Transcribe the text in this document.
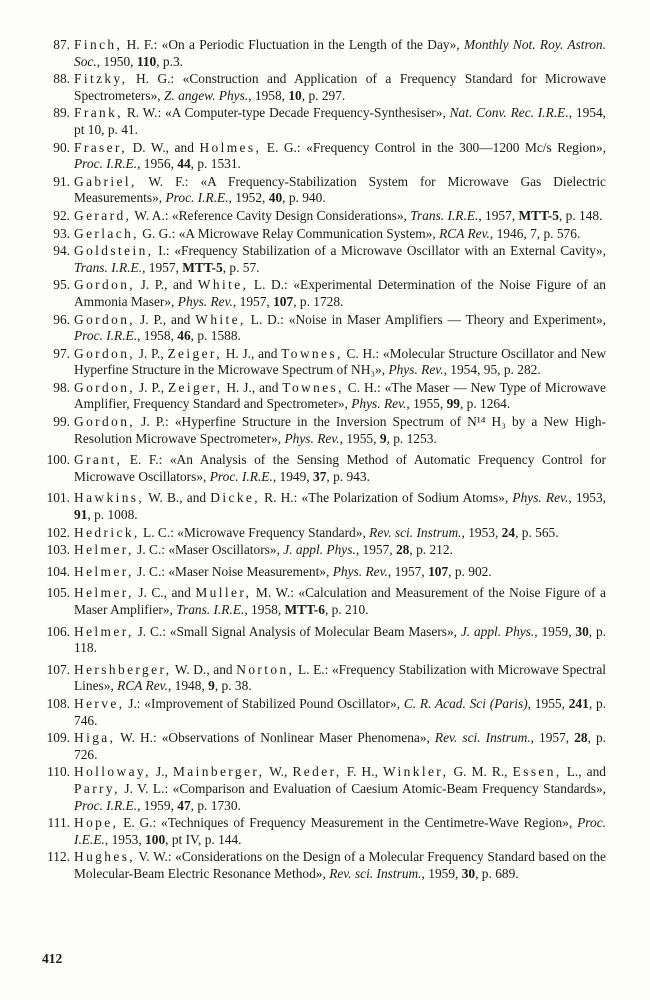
87. Finch, H. F.: «On a Periodic Fluctuation in the Length of the Day», Monthly Not. Roy. Astron. Soc., 1950, 110, p.3.
88. Fitzky, H. G.: «Construction and Application of a Frequency Standard for Microwave Spectrometers», Z. angew. Phys., 1958, 10, p. 297.
89. Frank, R. W.: «A Computer-type Decade Frequency-Synthesiser», Nat. Conv. Rec. I.R.E., 1954, pt 10, p. 41.
90. Fraser, D. W., and Holmes, E. G.: «Frequency Control in the 300—1200 Mc/s Region», Proc. I.R.E., 1956, 44, p. 1531.
91. Gabriel, W. F.: «A Frequency-Stabilization System for Microwave Gas Dielectric Measurements», Proc. I.R.E., 1952, 40, p. 940.
92. Gerard, W. A.: «Reference Cavity Design Considerations», Trans. I.R.E., 1957, MTT-5, p. 148.
93. Gerlach, G. G.: «A Microwave Relay Communication System», RCA Rev., 1946, 7, p. 576.
94. Goldstein, I.: «Frequency Stabilization of a Microwave Oscillator with an External Cavity», Trans. I.R.E., 1957, MTT-5, p. 57.
95. Gordon, J. P., and White, L. D.: «Experimental Determination of the Noise Figure of an Ammonia Maser», Phys. Rev., 1957, 107, p. 1728.
96. Gordon, J. P., and White, L. D.: «Noise in Maser Amplifiers — Theory and Experiment», Proc. I.R.E., 1958, 46, p. 1588.
97. Gordon, J. P., Zeiger, H. J., and Townes, C. H.: «Molecular Structure Oscillator and New Hyperfine Structure in the Microwave Spectrum of NH₃», Phys. Rev., 1954, 95, p. 282.
98. Gordon, J. P., Zeiger, H. J., and Townes, C. H.: «The Maser — New Type of Microwave Amplifier, Frequency Standard and Spectrometer», Phys. Rev., 1955, 99, p. 1264.
99. Gordon, J. P.: «Hyperfine Structure in the Inversion Spectrum of N¹⁴ H₃ by a New High-Resolution Microwave Spectrometer», Phys. Rev., 1955, 9, p. 1253.
100. Grant, E. F.: «An Analysis of the Sensing Method of Automatic Frequency Control for Microwave Oscillators», Proc. I.R.E., 1949, 37, p. 943.
101. Hawkins, W. B., and Dicke, R. H.: «The Polarization of Sodium Atoms», Phys. Rev., 1953, 91, p. 1008.
102. Hedrick, L. C.: «Microwave Frequency Standard», Rev. sci. Instrum., 1953, 24, p. 565.
103. Helmer, J. C.: «Maser Oscillators», J. appl. Phys., 1957, 28, p. 212.
104. Helmer, J. C.: «Maser Noise Measurement», Phys. Rev., 1957, 107, p. 902.
105. Helmer, J. C., and Muller, M. W.: «Calculation and Measurement of the Noise Figure of a Maser Amplifier», Trans. I.R.E., 1958, MTT-6, p. 210.
106. Helmer, J. C.: «Small Signal Analysis of Molecular Beam Masers», J. appl. Phys., 1959, 30, p. 118.
107. Hershberger, W. D., and Norton, L. E.: «Frequency Stabilization with Microwave Spectral Lines», RCA Rev., 1948, 9, p. 38.
108. Herve, J.: «Improvement of Stabilized Pound Oscillator», C. R. Acad. Sci (Paris), 1955, 241, p. 746.
109. Higa, W. H.: «Observations of Nonlinear Maser Phenomena», Rev. sci. Instrum., 1957, 28, p. 726.
110. Holloway, J., Mainberger, W., Reder, F. H., Winkler, G. M. R., Essen, L., and Parry, J. V. L.: «Comparison and Evaluation of Caesium Atomic-Beam Frequency Standards», Proc. I.R.E., 1959, 47, p. 1730.
111. Hope, E. G.: «Techniques of Frequency Measurement in the Centimetre-Wave Region», Proc. I.E.E., 1953, 100, pt IV, p. 144.
112. Hughes, V. W.: «Considerations on the Design of a Molecular Frequency Standard based on the Molecular-Beam Electric Resonance Method», Rev. sci. Instrum., 1959, 30, p. 689.
412
